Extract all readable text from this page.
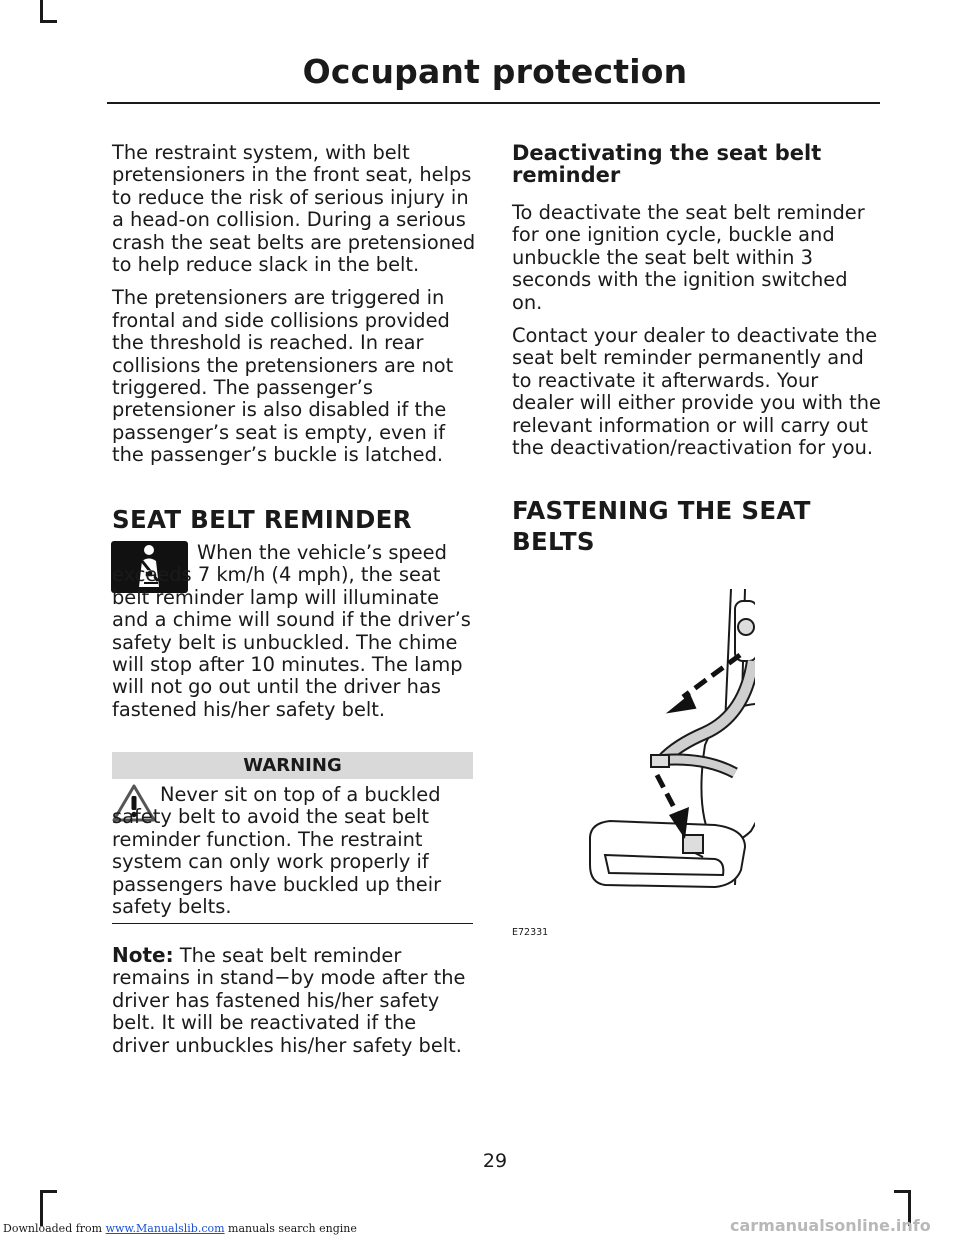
Occupant protection

The restraint system, with belt pretensioners in the front seat, helps to reduce the risk of serious injury in a head-on collision. During a serious crash the seat belts are pretensioned to help reduce slack in the belt.

The pretensioners are triggered in frontal and side collisions provided the threshold is reached. In rear collisions the pretensioners are not triggered. The passenger’s pretensioner is also disabled if the passenger’s seat is empty, even if the passenger’s buckle is latched.

SEAT BELT REMINDER

When the vehicle’s speed exceeds 7 km/h (4 mph), the seat belt reminder lamp will illuminate and a chime will sound if the driver’s safety belt is unbuckled. The chime will stop after 10 minutes. The lamp will not go out until the driver has fastened his/her safety belt.

WARNING

Never sit on top of a buckled safety belt to avoid the seat belt reminder function. The restraint system can only work properly if passengers have buckled up their safety belts.

Note: The seat belt reminder remains in stand−by mode after the driver has fastened his/her safety belt. It will be reactivated if the driver unbuckles his/her safety belt.

Deactivating the seat belt reminder

To deactivate the seat belt reminder for one ignition cycle, buckle and unbuckle the seat belt within 3 seconds with the ignition switched on.

Contact your dealer to deactivate the seat belt reminder permanently and to reactivate it afterwards. Your dealer will either provide you with the relevant information or will carry out the deactivation/reactivation for you.

FASTENING THE SEAT
BELTS
E72331
29
Downloaded from www.Manualslib.com manuals search engine	carmanualsonline.info
